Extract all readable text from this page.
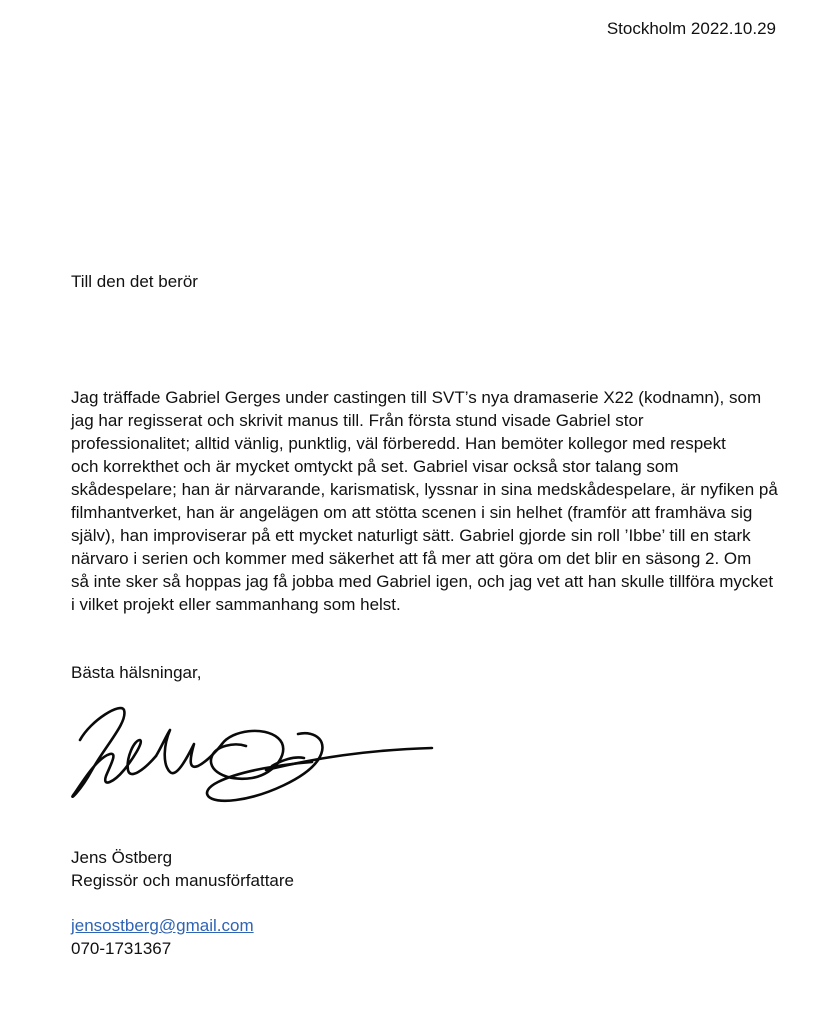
Stockholm 2022.10.29
Till den det berör
Jag träffade Gabriel Gerges under castingen till SVT’s nya dramaserie X22 (kodnamn), som
jag har regisserat och skrivit manus till. Från första stund visade Gabriel stor
professionalitet; alltid vänlig, punktlig, väl förberedd. Han bemöter kollegor med respekt
och korrekthet och är mycket omtyckt på set. Gabriel visar också stor talang som
skådespelare; han är närvarande, karismatisk, lyssnar in sina medskådespelare, är nyfiken på
filmhantverket, han är angelägen om att stötta scenen i sin helhet (framför att framhäva sig
själv), han improviserar på ett mycket naturligt sätt. Gabriel gjorde sin roll ’Ibbe’ till en stark
närvaro i serien och kommer med säkerhet att få mer att göra om det blir en säsong 2. Om
så inte sker så hoppas jag få jobba med Gabriel igen, och jag vet att han skulle tillföra mycket
i vilket projekt eller sammanhang som helst.
Bästa hälsningar,
Jens Östberg
Regissör och manusförfattare
jensostberg@gmail.com
070-1731367
